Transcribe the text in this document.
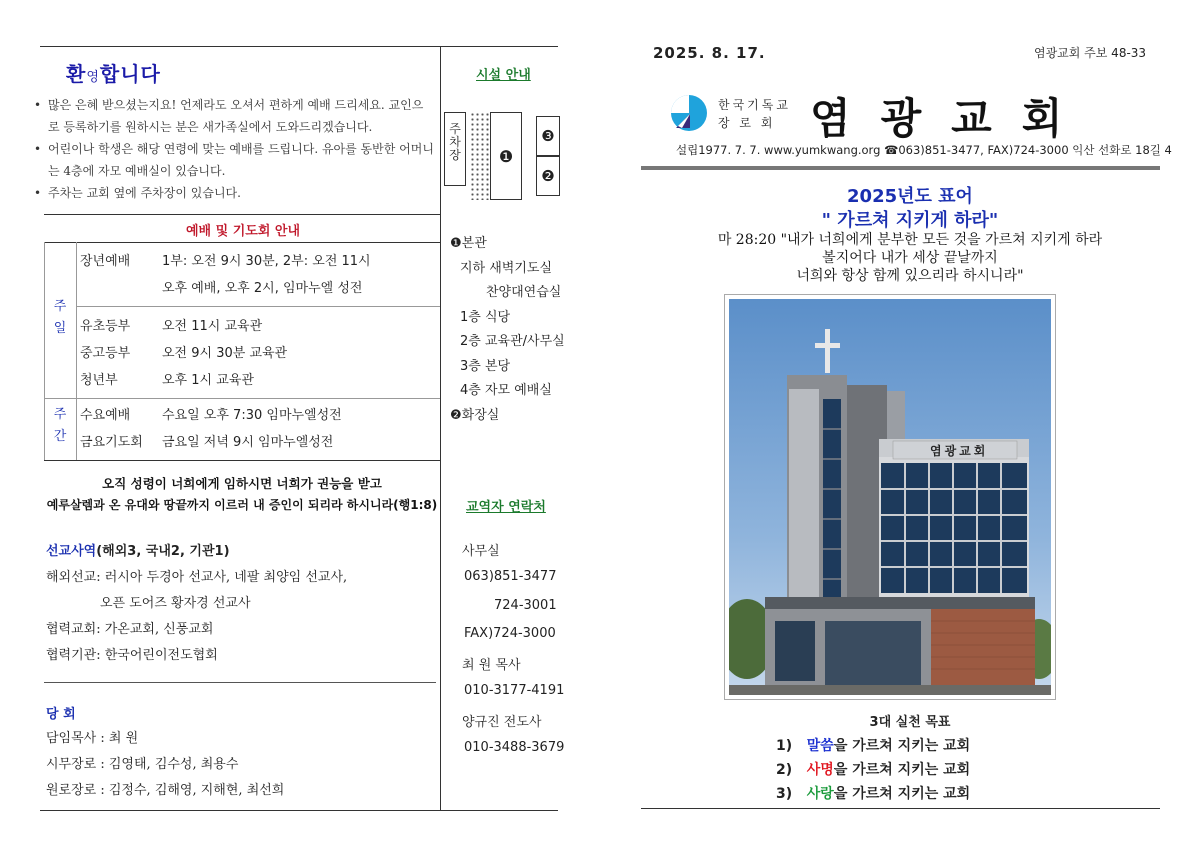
환영합니다
• 많은 은혜 받으셨는지요! 언제라도 오셔서 편하게 예배 드리세요. 교인으로 등록하기를 원하시는 분은 새가족실에서 도와드리겠습니다.
• 어린이나 학생은 해당 연령에 맞는 예배를 드립니다. 유아를 동반한 어머니는 4층에 자모 예배실이 있습니다.
• 주차는 교회 옆에 주차장이 있습니다.
예배 및 기도회 안내
주
일
주
간
장년예배 1부: 오전 9시 30분, 2부: 오전 11시
오후 예배, 오후 2시, 임마누엘 성전
유초등부 오전 11시 교육관
중고등부 오전 9시 30분 교육관
청년부	오후 1시 교육관
수요예배 수요일 오후 7:30 임마누엘성전
금요기도회 금요일 저녁 9시 임마누엘성전
오직 성령이 너희에게 임하시면 너희가 권능을 받고
예루살렘과 온 유대와 땅끝까지 이르러 내 증인이 되리라 하시니라(행1:8)
선교사역(해외3, 국내2, 기관1)
해외선교: 러시아 두경아 선교사, 네팔 최양임 선교사,
오픈 도어즈 황자경 선교사
협력교회: 가온교회, 신풍교회
협력기관: 한국어린이전도협회
당 회
담임목사 : 최 원
시무장로 : 김영태, 김수성, 최용수
원로장로 : 김정수, 김해영, 지해현, 최선희
시설 안내
주
차
장 ❶
❸
❷
❶본관
지하 새벽기도실
찬양대연습실
1층 식당
2층 교육관/사무실
3층 본당
4층 자모 예배실
❷화장실
교역자 연락처
사무실
063)851-3477
724-3001
FAX)724-3000
최 원 목사
010-3177-4191
양규진 전도사
010-3488-3679
2025. 8. 17.	염광교회 주보 48-33
한국기독교
장 로 회 염광교회
설립1977. 7. 7. www.yumkwang.org ☎063)851-3477, FAX)724-3000 익산 선화로 18길 4
2025년도 표어
" 가르쳐 지키게 하라"
마 28:20 "내가 너희에게 분부한 모든 것을 가르쳐 지키게 하라
볼지어다 내가 세상 끝날까지
너희와 항상 함께 있으리라 하시니라"
염광교회
3대 실천 목표
1) 말씀을 가르쳐 지키는 교회
2) 사명을 가르쳐 지키는 교회
3) 사랑을 가르쳐 지키는 교회
